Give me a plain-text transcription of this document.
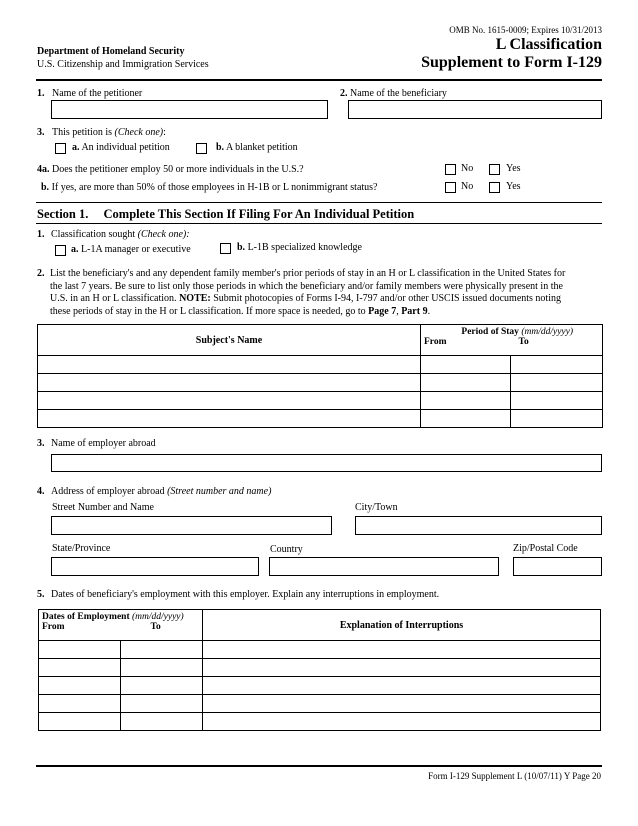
OMB No. 1615-0009; Expires 10/31/2013
Department of Homeland Security
U.S. Citizenship and Immigration Services
L Classification
Supplement to Form I-129
1. Name of the petitioner	2. Name of the beneficiary
3. This petition is (Check one):
a. An individual petition	b. A blanket petition
4a. Does the petitioner employ 50 or more individuals in the U.S.?	No	Yes
b. If yes, are more than 50% of those employees in H-1B or L nonimmigrant status?	No	Yes
Section 1. Complete This Section If Filing For An Individual Petition
1. Classification sought (Check one):
a. L-1A manager or executive	b. L-1B specialized knowledge
2. List the beneficiary's and any dependent family member's prior periods of stay in an H or L classification in the United States for
the last 7 years. Be sure to list only those periods in which the beneficiary and/or family members were physically present in the
U.S. in an H or L classification. NOTE: Submit photocopies of Forms I-94, I-797 and/or other USCIS issued documents noting
these periods of stay in the H or L classification. If more space is needed, go to Page 7, Part 9.
Subject's Name	Period of Stay (mm/dd/yyyy)
From To	

3. Name of employer abroad
4. Address of employer abroad (Street number and name)
Street Number and Name	City/Town
State/Province	Country	Zip/Postal Code
5. Dates of beneficiary's employment with this employer. Explain any interruptions in employment.
Dates of Employment (mm/dd/yyyy)
From To		Explanation of Interruptions

Form I-129 Supplement L (10/07/11) Y Page 20
